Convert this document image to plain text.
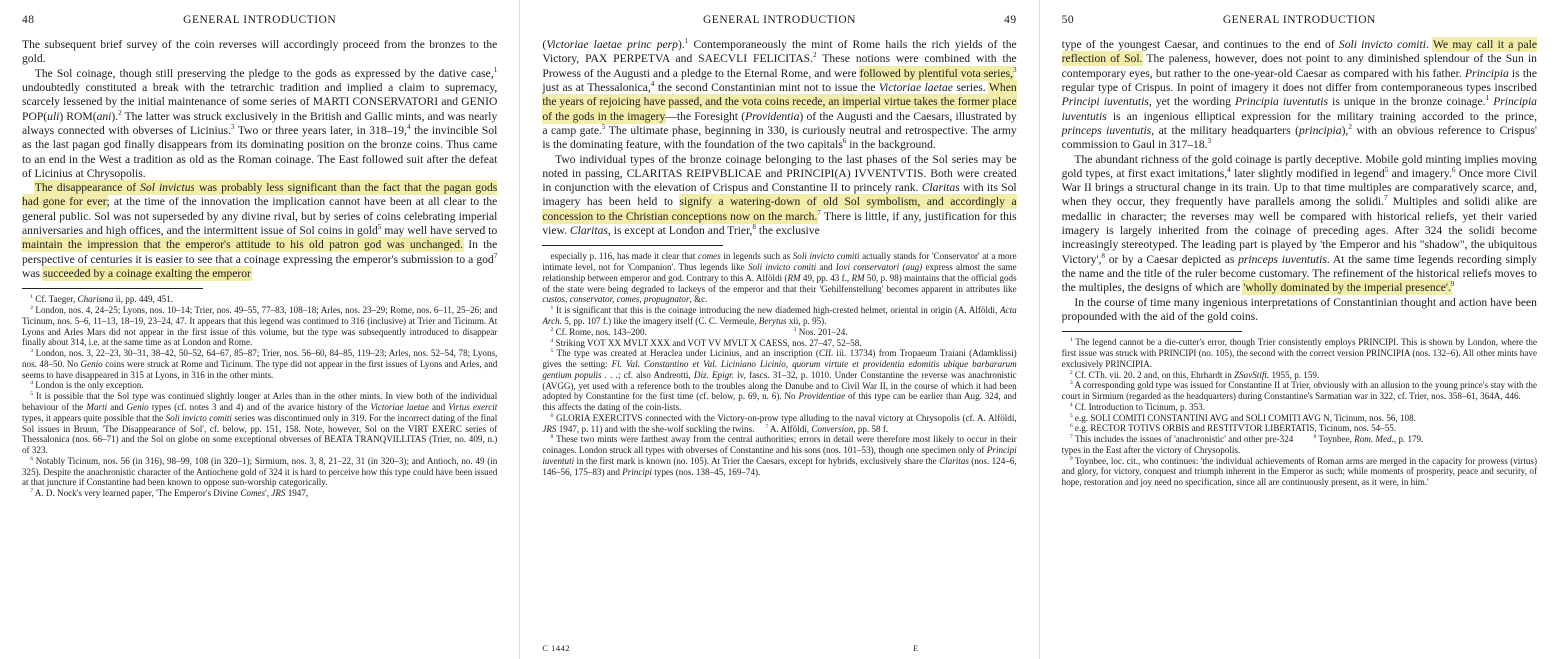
48	GENERAL INTRODUCTION

The subsequent brief survey of the coin reverses will accordingly proceed from the bronzes to the gold.

The Sol coinage, though still preserving the pledge to the gods as expressed by the dative case,$^1$ undoubtedly constituted a break with the tetrarchic tradition and implied a claim to supremacy, scarcely lessened by the initial maintenance of some series of MARTI CONSERVATORI and GENIO POP(uli) ROM(ani).$^2$ The latter was struck exclusively in the British and Gallic mints, and was nearly always connected with obverses of Licinius.$^3$ Two or three years later, in 318–19,$^4$ the invincible Sol as the last pagan god finally disappears from its dominating position on the bronze coins. Thus came to an end in the West a tradition as old as the Roman coinage. The East followed suit after the defeat of Licinius at Chrysopolis.

The disappearance of Sol invictus was probably less significant than the fact that the pagan gods had gone for ever; at the time of the innovation the implication cannot have been at all clear to the general public. Sol was not superseded by any divine rival, but by series of coins celebrating imperial anniversaries and high offices, and the intermittent issue of Sol coins in gold$^5$ may well have served to maintain the impression that the emperor's attitude to his old patron god was unchanged. In the perspective of centuries it is easier to see that a coinage expressing the emperor's submission to a god$^7$ was succeeded by a coinage exalting the emperor

$^1$ Cf. Taeger, Charisma ii, pp. 449, 451.

$^2$ London, nos. 4, 24–25; Lyons, nos. 10–14; Trier, nos. 49–55, 77–83, 108–18; Arles, nos. 23–29; Rome, nos. 6–11, 25–26; and Ticinum, nos. 5–6, 11–13, 18–19, 23–24, 47. It appears that this legend was continued to 316 (inclusive) at Trier and Ticinum. At Lyons and Arles Mars did not appear in the first issue of this volume, but the type was subsequently introduced to disappear finally about 314, i.e. at the same time as at London and Rome.

$^3$ London, nos. 3, 22–23, 30–31, 38–42, 50–52, 64–67, 85–87; Trier, nos. 56–60, 84–85, 119–23; Arles, nos. 52–54, 78; Lyons, nos. 48–50. No Genio coins were struck at Rome and Ticinum. The type did not appear in the first issues of Lyons and Arles, and seems to have disappeared in 315 at Lyons, in 316 in the other mints.

$^4$ London is the only exception.

$^5$ It is possible that the Sol type was continued slightly longer at Arles than in the other mints. In view both of the individual behaviour of the Marti and Genio types (cf. notes 3 and 4) and of the avarice history of the Victoriae laetae and Virtus exercit types, it appears quite possible that the Soli invicto comiti series was discontinued only in 319. For the incorrect dating of the final Sol issues in Bruun, 'The Disappearance of Sol', cf. below, pp. 151, 158. Note, however, Sol on the VIRT EXERC series of Thessalonica (nos. 66–71) and the Sol on globe on some exceptional obverses of BEATA TRANQVILLITAS (Trier, no. 409, n.) of 323.

$^6$ Notably Ticinum, nos. 56 (in 316), 98–99, 108 (in 320–1); Sirmium, nos. 3, 8, 21–22, 31 (in 320–3); and Antioch, no. 49 (in 325). Despite the anachronistic character of the Antiochene gold of 324 it is hard to perceive how this type could have been issued at that juncture if Constantine had been known to oppose sun-worship categorically.

$^7$ A. D. Nock's very learned paper, 'The Emperor's Divine Comes', JRS 1947,

GENERAL INTRODUCTION	49

(Victoriae laetae princ perp).$^1$ Contemporaneously the mint of Rome hails the rich yields of the Victory, PAX PERPETVA and SAECVLI FELICITAS.$^2$ These notions were combined with the Prowess of the Augusti and a pledge to the Eternal Rome, and were followed by plentiful vota series,$^3$ just as at Thessalonica,$^4$ the second Constantinian mint not to issue the Victoriae laetae series. When the years of rejoicing have passed, and the vota coins recede, an imperial virtue takes the former place of the gods in the imagery—the Foresight (Providentia) of the Augusti and the Caesars, illustrated by a camp gate.$^5$ The ultimate phase, beginning in 330, is curiously neutral and retrospective. The army is the dominating feature, with the foundation of the two capitals$^6$ in the background.

Two individual types of the bronze coinage belonging to the last phases of the Sol series may be noted in passing, CLARITAS REIPVBLICAE and PRINCIPI(A) IVVENTVTIS. Both were created in conjunction with the elevation of Crispus and Constantine II to princely rank. Claritas with its Sol imagery has been held to signify a watering-down of old Sol symbolism, and accordingly a concession to the Christian conceptions now on the march.$^7$ There is little, if any, justification for this view. Claritas, is except at London and Trier,$^8$ the exclusive

especially p. 116, has made it clear that comes in legends such as Soli invicto comiti actually stands for 'Conservator' at a more intimate level, not for 'Companion'. Thus legends like Soli invicto comiti and Iovi conservatori (aug) express almost the same relationship between emperor and god. Contrary to this A. Alföldi (RM 49, pp. 43 f., RM 50, p. 98) maintains that the official gods of the state were being degraded to lackeys of the emperor and that their 'Gehilfenstellung' becomes apparent in attributes like custos, conservator, comes, propugnator, &c.

$^1$ It is significant that this is the coinage introducing the new diademed high-crested helmet, oriental in origin (A. Alföldi, Acta Arch. 5, pp. 107 f.) like the imagery itself (C. C. Vermeule, Berytus xii, p. 95).

$^2$ Cf. Rome, nos. 143–200.	$^3$ Nos. 201–24.

$^4$ Striking VOT XX MVLT XXX and VOT VV MVLT X CAESS, nos. 27–47, 52–58.

$^5$ The type was created at Heraclea under Licinius, and an inscription (CIL iii. 13734) from Tropaeum Traiani (Adamklissi) gives the setting: Fl. Val. Constantino et Val. Liciniano Licinio, quorum virtute et providentia edomitis ubique barbararum gentium populis . . .; cf. also Andreotti, Diz. Epigr. iv, fascs. 31–32, p. 1010. Under Constantine the reverse was anachronistic (AVGG), yet used with a reference both to the troubles along the Danube and to Civil War II, in the course of which it had been adopted by Constantine for the first time (cf. below, p. 69, n. 6). No Providentiae of this type can be earlier than Aug. 324, and this affects the dating of the coin-lists.

$^6$ GLORIA EXERCITVS connected with the Victory-on-prow type alluding to the naval victory at Chrysopolis (cf. A. Alföldi, JRS 1947, p. 11) and with the she-wolf suckling the twins. $^7$ A. Alföldi, Conversion, pp. 58 f.

$^8$ These two mints were farthest away from the central authorities; errors in detail were therefore most likely to occur in their coinages. London struck all types with obverses of Constantine and his sons (nos. 101–53), though one specimen only of Principi iuventuti in the first mark is known (no. 105). At Trier the Caesars, except for hybrids, exclusively share the Claritas (nos. 124–6, 146–56, 175–83) and Principi types (nos. 138–45, 169–74).

C 1442	E
50	GENERAL INTRODUCTION

type of the youngest Caesar, and continues to the end of Soli invicto comiti. We may call it a pale reflection of Sol. The paleness, however, does not point to any diminished splendour of the Sun in contemporary eyes, but rather to the one-year-old Caesar as compared with his father. Principia is the regular type of Crispus. In point of imagery it does not differ from contemporaneous types inscribed Principi iuventutis, yet the wording Principia iuventutis is unique in the bronze coinage.$^1$ Principia iuventutis is an ingenious elliptical expression for the military training accorded to the prince, princeps iuventutis, at the military headquarters (principia),$^2$ with an obvious reference to Crispus' commission to Gaul in 317–18.$^3$

The abundant richness of the gold coinage is partly deceptive. Mobile gold minting implies moving gold types, at first exact imitations,$^4$ later slightly modified in legend$^5$ and imagery.$^6$ Once more Civil War II brings a structural change in its train. Up to that time multiples are comparatively scarce, and, when they occur, they frequently have parallels among the solidi.$^7$ Multiples and solidi alike are medallic in character; the reverses may well be compared with historical reliefs, yet their varied imagery is largely inherited from the coinage of preceding ages. After 324 the solidi become increasingly stereotyped. The leading part is played by 'the Emperor and his "shadow", the ubiquitous Victory',$^8$ or by a Caesar depicted as princeps iuventutis. At the same time legends recording simply the name and the title of the ruler become customary. The refinement of the historical reliefs moves to the multiples, the designs of which are 'wholly dominated by the imperial presence'.$^9$

In the course of time many ingenious interpretations of Constantinian thought and action have been propounded with the aid of the gold coins.

$^1$ The legend cannot be a die-cutter's error, though Trier consistently employs PRINCIPI. This is shown by London, where the first issue was struck with PRINCIPI (no. 105), the second with the correct version PRINCIPIA (nos. 132–6). All other mints have exclusively PRINCIPIA.

$^2$ Cf. CTh. vii. 20. 2 and, on this, Ehrhardt in ZSavStift. 1955, p. 159.

$^3$ A corresponding gold type was issued for Constantine II at Trier, obviously with an allusion to the young prince's stay with the court in Sirmium (regarded as the headquarters) during Constantine's Sarmatian war in 322, cf. Trier, nos. 358–61, 364A, 446.

$^4$ Cf. Introduction to Ticinum, p. 353.

$^5$ e.g. SOLI COMITI CONSTANTINI AVG and SOLI COMITI AVG N, Ticinum, nos. 56, 108.

$^6$ e.g. RECTOR TOTIVS ORBIS and RESTITVTOR LIBERTATIS, Ticinum, nos. 54–55.

$^7$ This includes the issues of 'anachronistic' and other pre-324 types in the East after the victory of Chrysopolis.

$^8$ Toynbee, Rom. Med., p. 179.

$^9$ Toynbee, loc. cit., who continues: 'the individual achievements of Roman arms are merged in the capacity for prowess (virtus) and glory, for victory, conquest and triumph inherent in the Emperor as such; while moments of prosperity, peace and security, of hope, restoration and joy need no specification, since all are continuously present, as it were, in him.'
